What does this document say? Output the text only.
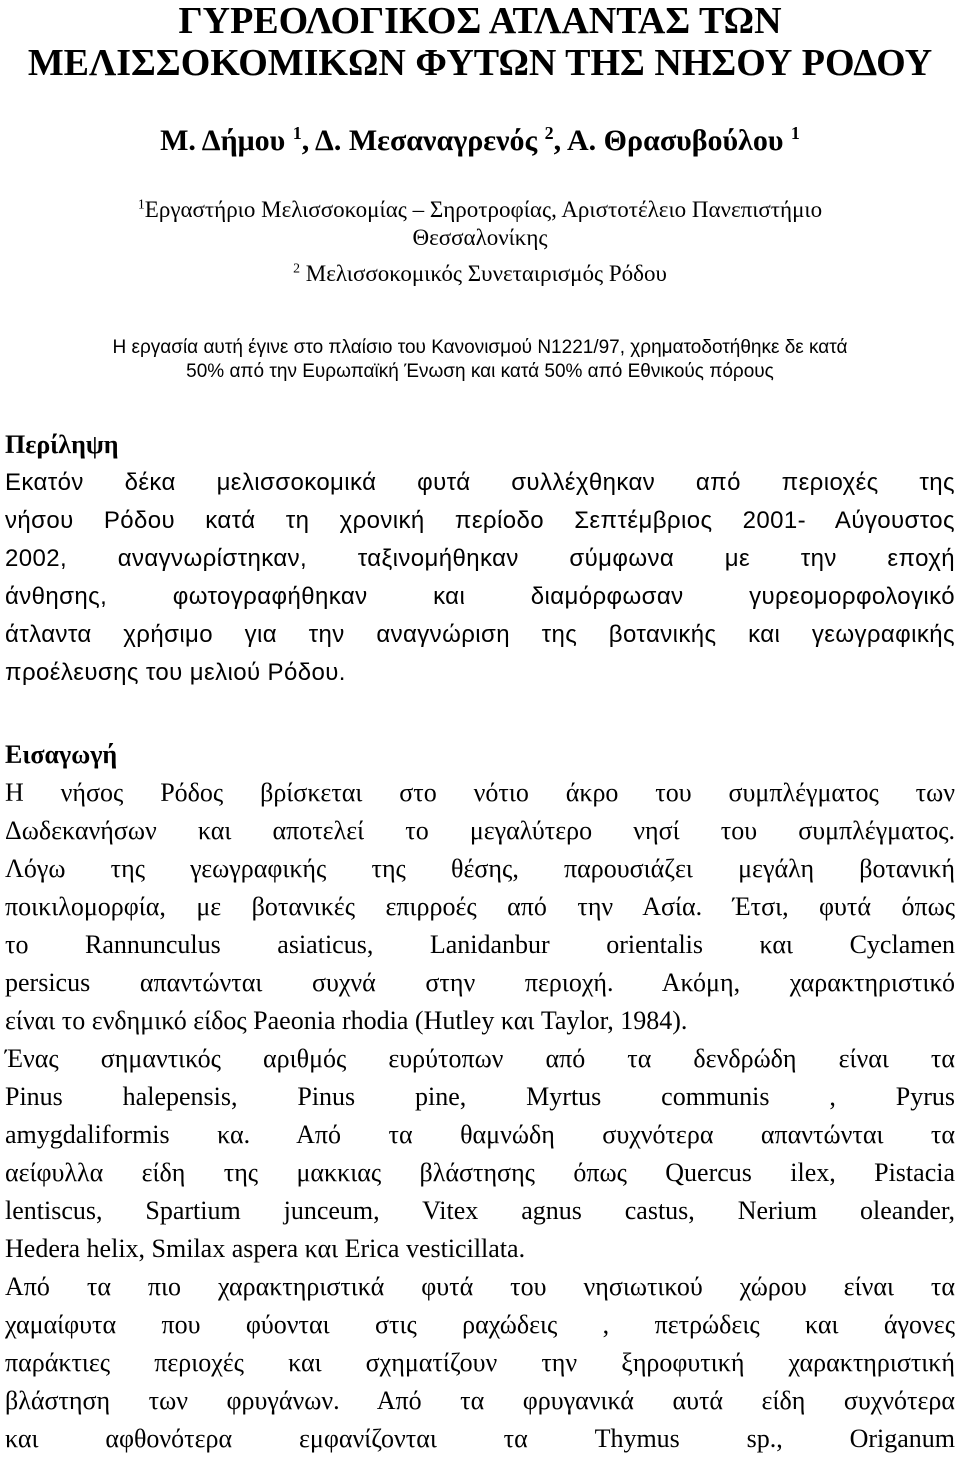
ΓΥΡΕΟΛΟΓΙΚΟΣ ΑΤΛΑΝΤΑΣ ΤΩΝ
ΜΕΛΙΣΣΟΚΟΜΙΚΩΝ ΦΥΤΩΝ ΤΗΣ ΝΗΣΟΥ ΡΟΔΟΥ
Μ. Δήμου $^1$, Δ. Μεσαναγρενός $^2$, Α. Θρασυβούλου $^1$
$^1$Εργαστήριο Μελισσοκομίας – Σηροτροφίας, Αριστοτέλειο Πανεπιστήμιο
Θεσσαλονίκης
$^2$ Μελισσοκομικός Συνεταιρισμός Ρόδου
Η εργασία αυτή έγινε στο πλαίσιο του Κανονισμού Ν1221/97, χρηματοδοτήθηκε δε κατά
50% από την Ευρωπαϊκή Ένωση και κατά 50% από Εθνικούς πόρους
Περίληψη
Εκατόν δέκα μελισσοκομικά φυτά συλλέχθηκαν από περιοχές της
νήσου Ρόδου κατά τη χρονική περίοδο Σεπτέμβριος 2001- Αύγουστος
2002, αναγνωρίστηκαν, ταξινομήθηκαν σύμφωνα με την εποχή
άνθησης, φωτογραφήθηκαν και διαμόρφωσαν γυρεομορφολογικό
άτλαντα χρήσιμο για την αναγνώριση της βοτανικής και γεωγραφικής
προέλευσης του μελιού Ρόδου.
Εισαγωγή
Η νήσος Ρόδος βρίσκεται στο νότιο άκρο του συμπλέγματος των
Δωδεκανήσων και αποτελεί το μεγαλύτερο νησί του συμπλέγματος.
Λόγω της γεωγραφικής της θέσης, παρουσιάζει μεγάλη βοτανική
ποικιλομορφία, με βοτανικές επιρροές από την Ασία. Έτσι, φυτά όπως
το Rannunculus asiaticus, Lanidanbur orientalis και Cyclamen
persicus απαντώνται συχνά στην περιοχή. Ακόμη, χαρακτηριστικό
είναι το ενδημικό είδος Paeonia rhodia (Hutley και Taylor, 1984).
Ένας σημαντικός αριθμός ευρύτοπων από τα δενδρώδη είναι τα
Pinus halepensis, Pinus pine, Myrtus communis , Pyrus
amygdaliformis κα. Από τα θαμνώδη συχνότερα απαντώνται τα
αείφυλλα είδη της μακκιας βλάστησης όπως Quercus ilex, Pistacia
lentiscus, Spartium junceum, Vitex agnus castus, Nerium oleander,
Hedera helix, Smilax aspera και Erica vesticillata.
Από τα πιο χαρακτηριστικά φυτά του νησιωτικού χώρου είναι τα
χαμαίφυτα που φύονται στις ραχώδεις , πετρώδεις και άγονες
παράκτιες περιοχές και σχηματίζουν την ξηροφυτική χαρακτηριστική
βλάστηση των φρυγάνων. Από τα φρυγανικά αυτά είδη συχνότερα
και αφθονότερα εμφανίζονται τα Thymus sp., Origanum
